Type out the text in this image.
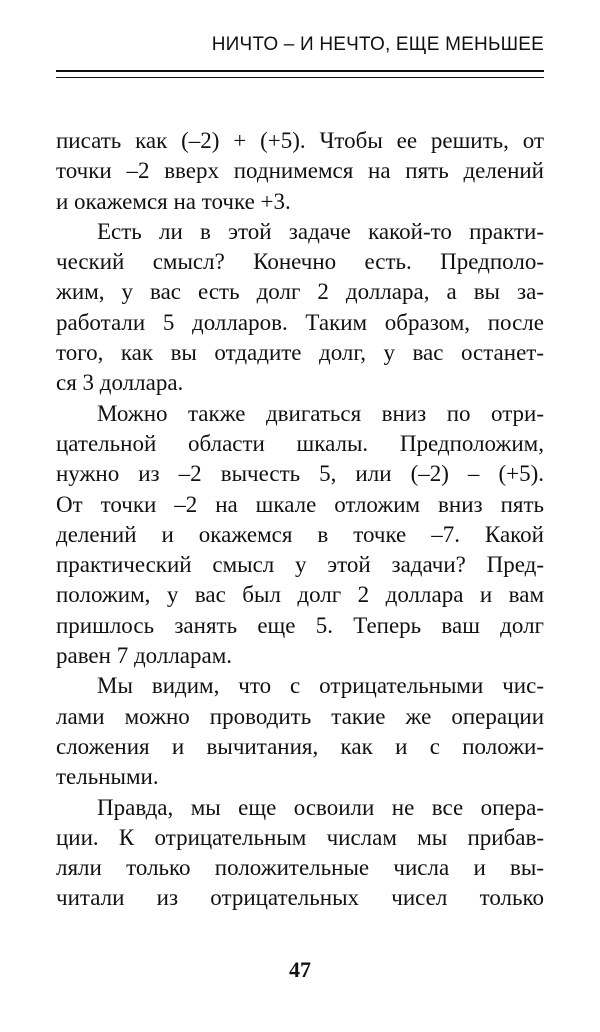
НИЧТО – И НЕЧТО, ЕЩЕ МЕНЬШЕЕ
писать как (–2) + (+5). Чтобы ее решить, от
точки –2 вверх поднимемся на пять делений
и окажемся на точке +3.
Есть ли в этой задаче какой-то практи-
ческий смысл? Конечно есть. Предполо-
жим, у вас есть долг 2 доллара, а вы за-
работали 5 долларов. Таким образом, после
того, как вы отдадите долг, у вас останет-
ся 3 доллара.
Можно также двигаться вниз по отри-
цательной области шкалы. Предположим,
нужно из –2 вычесть 5, или (–2) – (+5).
От точки –2 на шкале отложим вниз пять
делений и окажемся в точке –7. Какой
практический смысл у этой задачи? Пред-
положим, у вас был долг 2 доллара и вам
пришлось занять еще 5. Теперь ваш долг
равен 7 долларам.
Мы видим, что с отрицательными чис-
лами можно проводить такие же операции
сложения и вычитания, как и с положи-
тельными.
Правда, мы еще освоили не все опера-
ции. К отрицательным числам мы прибав-
ляли только положительные числа и вы-
читали из отрицательных чисел только
47
